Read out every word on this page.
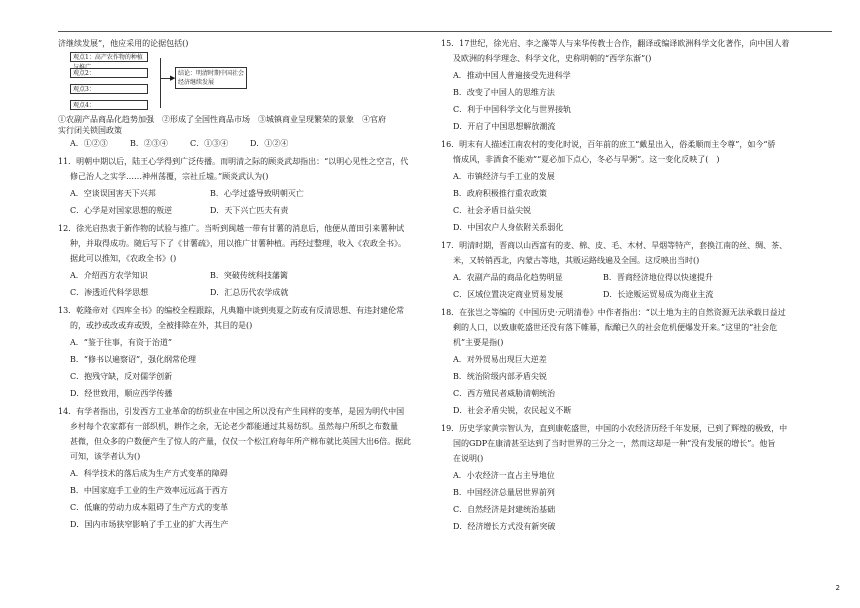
济继续发展”，他应采用的论据包括()
观点1：高产农作物的种植与推广
观点2：
观点3：
观点4：
▶
结论：明清时期中国社会经济继续发展
①农副产品商品化趋势加强　②形成了全国性商品市场　③城镇商业呈现繁荣的景象　④官府
实行闭关锁国政策
A．①②③	B．②③④	C．①③④	D．①②④
11．明朝中期以后，陆王心学得到广泛传播。而明清之际的顾炎武却指出：“以明心见性之空言，代
修己治人之实学……神州荡覆，宗社丘墟。”顾炎武认为()
A．空谈误国害天下兴邦	B．心学过盛导致明朝灭亡
C．心学是对国家思想的叛逆	D．天下兴亡匹夫有责
12．徐光启热衷于新作物的试验与推广。当听到闽越一带有甘薯的消息后，他便从莆田引来薯种试
种，并取得成功。随后写下了《甘薯疏》，用以推广甘薯种植。再经过整理，收入《农政全书》。
据此可以推知，《农政全书》()
A．介绍西方农学知识	B．突破传统科技藩篱
C．渗透近代科学思想	D．汇总历代农学成就
13．乾隆帝对《四库全书》的编校全程跟踪，凡典籍中谈到夷夏之防或有反清思想、有违封建伦常
的，或抄或改或弃或毁，全被排除在外，其目的是()
A．“鉴于往事，有资于治道”
B．“修书以遍察诏”，强化纲常伦理
C．抱残守缺，反对儒学创新
D．经世致用，顺应西学传播
14．有学者指出，引发西方工业革命的纺织业在中国之所以没有产生同样的变革，是因为明代中国
乡村每个农家都有一部织机，耕作之余，无论老少都能通过其易纺织。虽然每户所织之布数量
甚微，但众多的户数便产生了惊人的产量，仅仅一个松江府每年所产棉布就比英国大出6倍。据此
可知，该学者认为()
A．科学技术的落后成为生产方式变革的障碍
B．中国家庭手工业的生产效率远远高于西方
C．低廉的劳动力成本阻碍了生产方式的变革
D．国内市场狭窄影响了手工业的扩大再生产
15．17世纪，徐光启、李之藻等人与来华传教士合作，翻译或编译欧洲科学文化著作，向中国人着
及欧洲的科学理念、科学文化，史称明朝的“西学东渐”()
A．推动中国人普遍接受先进科学
B．改变了中国人的思维方法
C．利于中国科学文化与世界接轨
D．开启了中国思想解放潮流
16．明末有人描述江南农村的变化时说，百年前的庶工“戴星出入，俗柔顺而主令尊”，如今“骄
惰成风，非酒食不能劝”“夏必加下点心，冬必与旱粥”。这一变化反映了(　)
A．市镇经济与手工业的发展
B．政府积极推行重农政策
C．社会矛盾日益尖锐
D．中国农户人身依附关系弱化
17．明清时期，晋商以山西富有的麦、棉、皮、毛、木材、旱烟等特产，套换江南的丝、绸、茶、
米，又转销西北，内蒙古等地，其贩运路线遍及全国。这反映出当时()
A．农副产品的商品化趋势明显	B．晋商经济地位得以快速提升
C．区域位置决定商业贸易发展	D．长途贩运贸易成为商业主流
18．在张岂之等编的《中国历史·元明清卷》中作者指出：“以土地为主的自然资源无法承载日益过
剩的人口，以致康乾盛世还没有落下帷幕，酝酿已久的社会危机便爆发开来。”这里的“社会危
机”主要是指()
A．对外贸易出现巨大逆差
B．统治阶级内部矛盾尖锐
C．西方殖民者威胁清朝统治
D．社会矛盾尖锐，农民起义不断
19．历史学家黄宗智认为，直到康乾盛世，中国的小农经济历经千年发展，已到了辉煌的极致，中
国的GDP在康清甚至达到了当时世界的三分之一，然而这却是一种“没有发展的增长”。他旨
在说明()
A．小农经济一直占主导地位
B．中国经济总量居世界前列
C．自然经济是封建统治基础
D．经济增长方式没有新突破
2
